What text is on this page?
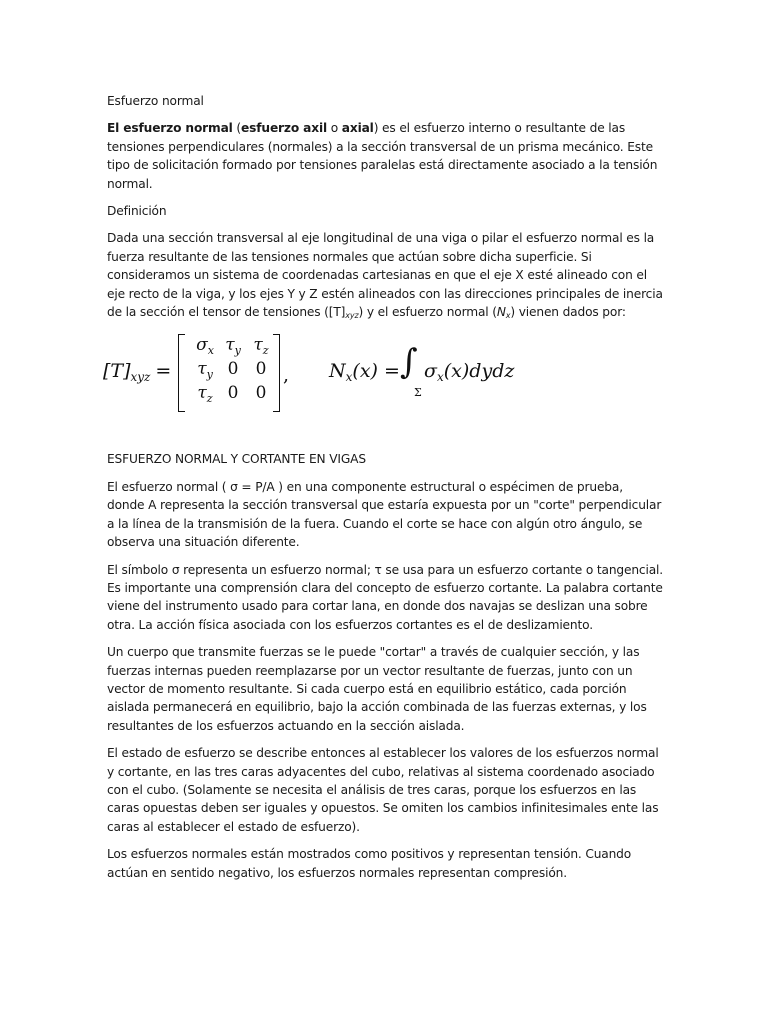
Esfuerzo normal

El esfuerzo normal (esfuerzo axil o axial) es el esfuerzo interno o resultante de las tensiones perpendiculares (normales) a la sección transversal de un prisma mecánico. Este tipo de solicitación formado por tensiones paralelas está directamente asociado a la tensión normal.

Definición

Dada una sección transversal al eje longitudinal de una viga o pilar el esfuerzo normal es la fuerza resultante de las tensiones normales que actúan sobre dicha superficie. Si consideramos un sistema de coordenadas cartesianas en que el eje X esté alineado con el eje recto de la viga, y los ejes Y y Z estén alineados con las direcciones principales de inercia de la sección el tensor de tensiones ([T]xyz) y el esfuerzo normal (Nx) vienen dados por:

$[T]_{xyz}$ =
$\sigma_x$ $\tau_y$ $\tau_z$
$\tau_y$ 0	0
$\tau_z$ 0	0
, $N_x(x)$ = ∫
Σ
$\sigma_x(x)dydz$

ESFUERZO NORMAL Y CORTANTE EN VIGAS

El esfuerzo normal ( σ = P/A ) en una componente estructural o espécimen de prueba, donde A representa la sección transversal que estaría expuesta por un "corte" perpendicular a la línea de la transmisión de la fuera. Cuando el corte se hace con algún otro ángulo, se observa una situación diferente.

El símbolo σ representa un esfuerzo normal; τ se usa para un esfuerzo cortante o tangencial. Es importante una comprensión clara del concepto de esfuerzo cortante. La palabra cortante viene del instrumento usado para cortar lana, en donde dos navajas se deslizan una sobre otra. La acción física asociada con los esfuerzos cortantes es el de deslizamiento.

Un cuerpo que transmite fuerzas se le puede "cortar" a través de cualquier sección, y las fuerzas internas pueden reemplazarse por un vector resultante de fuerzas, junto con un vector de momento resultante. Si cada cuerpo está en equilibrio estático, cada porción aislada permanecerá en equilibrio, bajo la acción combinada de las fuerzas externas, y los resultantes de los esfuerzos actuando en la sección aislada.

El estado de esfuerzo se describe entonces al establecer los valores de los esfuerzos normal y cortante, en las tres caras adyacentes del cubo, relativas al sistema coordenado asociado con el cubo. (Solamente se necesita el análisis de tres caras, porque los esfuerzos en las caras opuestas deben ser iguales y opuestos. Se omiten los cambios infinitesimales ente las caras al establecer el estado de esfuerzo).

Los esfuerzos normales están mostrados como positivos y representan tensión. Cuando actúan en sentido negativo, los esfuerzos normales representan compresión.
